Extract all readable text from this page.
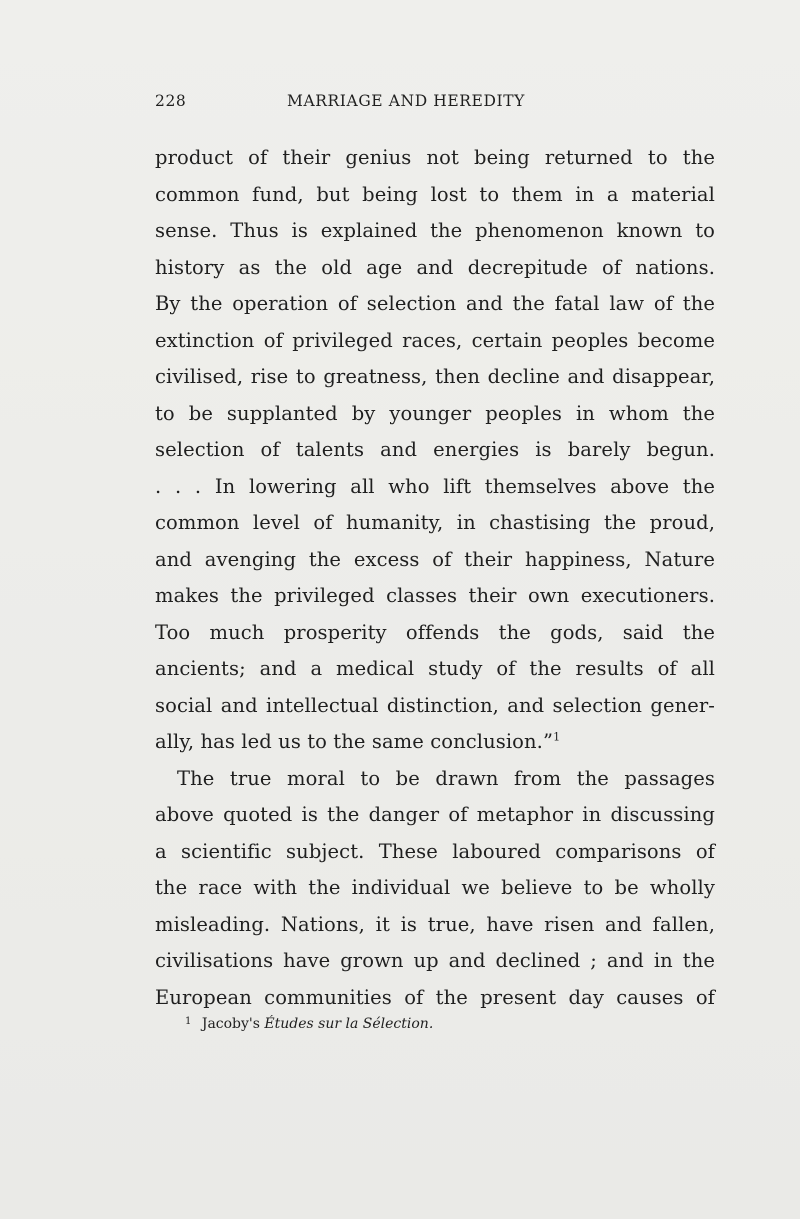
228	MARRIAGE AND HEREDITY
product of their genius not being returned to the
common fund, but being lost to them in a material
sense. Thus is explained the phenomenon known to
history as the old age and decrepitude of nations.
By the operation of selection and the fatal law of the
extinction of privileged races, certain peoples become
civilised, rise to greatness, then decline and disappear,
to be supplanted by younger peoples in whom the
selection of talents and energies is barely begun.
. . . In lowering all who lift themselves above the
common level of humanity, in chastising the proud,
and avenging the excess of their happiness, Nature
makes the privileged classes their own executioners.
Too much prosperity offends the gods, said the
ancients; and a medical study of the results of all
social and intellectual distinction, and selection gener-
ally, has led us to the same conclusion.”$^1$
The true moral to be drawn from the passages
above quoted is the danger of metaphor in discussing
a scientific subject. These laboured comparisons of
the race with the individual we believe to be wholly
misleading. Nations, it is true, have risen and fallen,
civilisations have grown up and declined ; and in the
European communities of the present day causes of
$^1$ Jacoby's Études sur la Sélection.
